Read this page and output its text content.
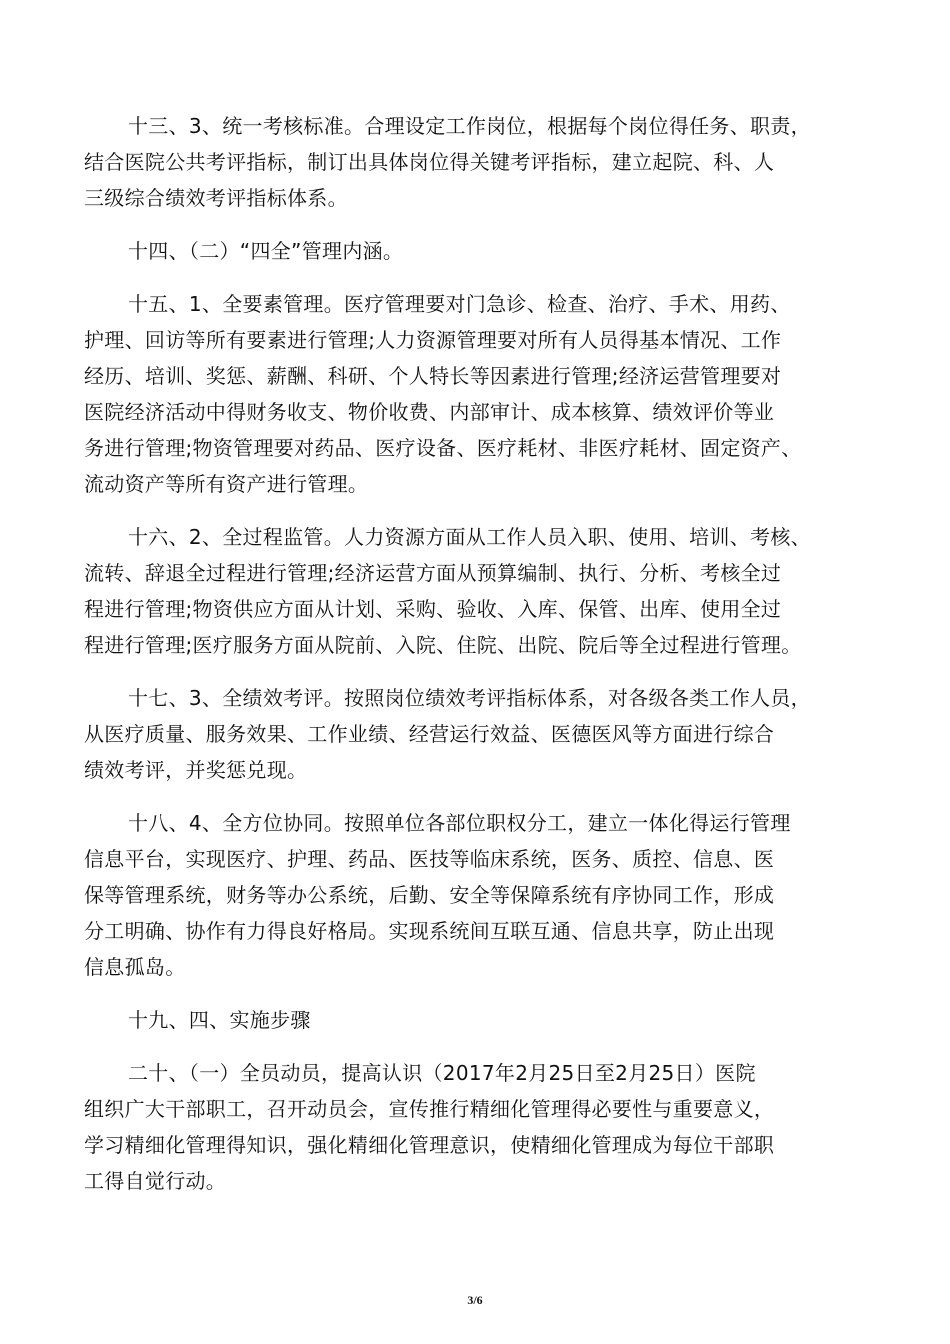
十三、3、统一考核标准。合理设定工作岗位，根据每个岗位得任务、职责，
结合医院公共考评指标，制订出具体岗位得关键考评指标，建立起院、科、人
三级综合绩效考评指标体系。

十四、（二）“四全”管理内涵。

十五、1、全要素管理。医疗管理要对门急诊、检查、治疗、手术、用药、
护理、回访等所有要素进行管理;人力资源管理要对所有人员得基本情况、工作
经历、培训、奖惩、薪酬、科研、个人特长等因素进行管理;经济运营管理要对
医院经济活动中得财务收支、物价收费、内部审计、成本核算、绩效评价等业
务进行管理;物资管理要对药品、医疗设备、医疗耗材、非医疗耗材、固定资产、
流动资产等所有资产进行管理。

十六、2、全过程监管。人力资源方面从工作人员入职、使用、培训、考核、
流转、辞退全过程进行管理;经济运营方面从预算编制、执行、分析、考核全过
程进行管理;物资供应方面从计划、采购、验收、入库、保管、出库、使用全过
程进行管理;医疗服务方面从院前、入院、住院、出院、院后等全过程进行管理。

十七、3、全绩效考评。按照岗位绩效考评指标体系，对各级各类工作人员，
从医疗质量、服务效果、工作业绩、经营运行效益、医德医风等方面进行综合
绩效考评，并奖惩兑现。

十八、4、全方位协同。按照单位各部位职权分工，建立一体化得运行管理
信息平台，实现医疗、护理、药品、医技等临床系统，医务、质控、信息、医
保等管理系统，财务等办公系统，后勤、安全等保障系统有序协同工作，形成
分工明确、协作有力得良好格局。实现系统间互联互通、信息共享，防止出现
信息孤岛。

十九、四、实施步骤

二十、（一）全员动员，提高认识（2017年2月25日至2月25日）医院
组织广大干部职工，召开动员会，宣传推行精细化管理得必要性与重要意义，
学习精细化管理得知识，强化精细化管理意识，使精细化管理成为每位干部职
工得自觉行动。

3/6
